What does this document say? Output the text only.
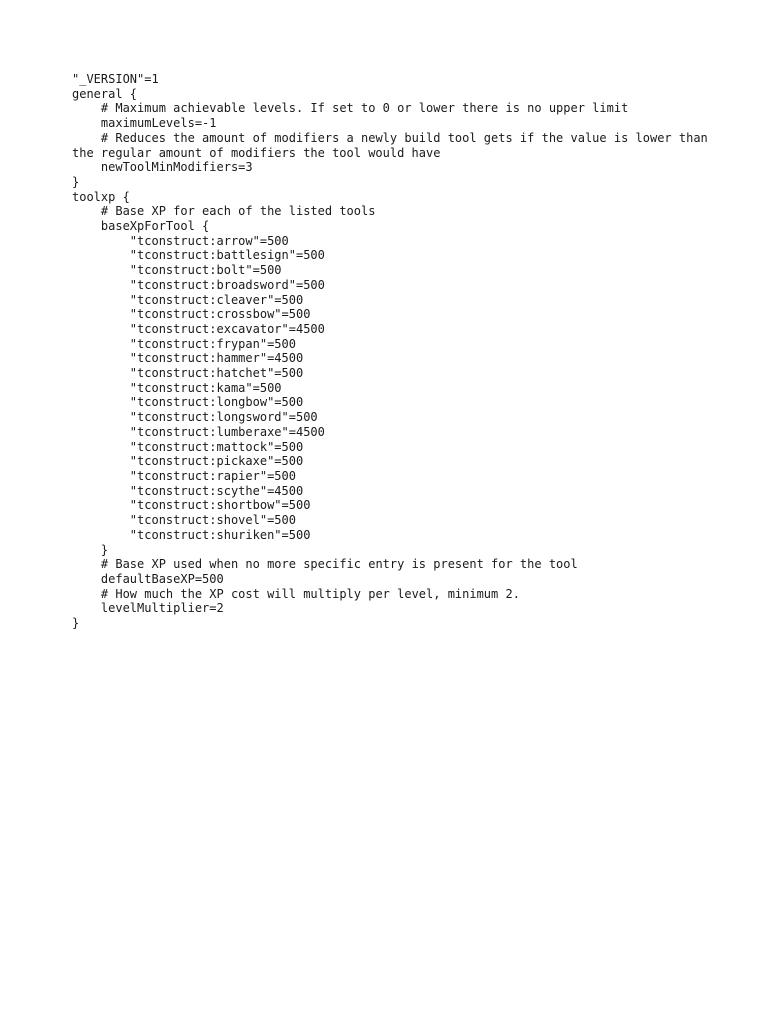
"_VERSION"=1
general {
# Maximum achievable levels. If set to 0 or lower there is no upper limit
maximumLevels=-1
# Reduces the amount of modifiers a newly build tool gets if the value is lower than the regular amount of modifiers the tool would have
newToolMinModifiers=3
}
toolxp {
# Base XP for each of the listed tools
baseXpForTool {
"tconstruct:arrow"=500
"tconstruct:battlesign"=500
"tconstruct:bolt"=500
"tconstruct:broadsword"=500
"tconstruct:cleaver"=500
"tconstruct:crossbow"=500
"tconstruct:excavator"=4500
"tconstruct:frypan"=500
"tconstruct:hammer"=4500
"tconstruct:hatchet"=500
"tconstruct:kama"=500
"tconstruct:longbow"=500
"tconstruct:longsword"=500
"tconstruct:lumberaxe"=4500
"tconstruct:mattock"=500
"tconstruct:pickaxe"=500
"tconstruct:rapier"=500
"tconstruct:scythe"=4500
"tconstruct:shortbow"=500
"tconstruct:shovel"=500
"tconstruct:shuriken"=500
}
# Base XP used when no more specific entry is present for the tool
defaultBaseXP=500
# How much the XP cost will multiply per level, minimum 2.
levelMultiplier=2
}
